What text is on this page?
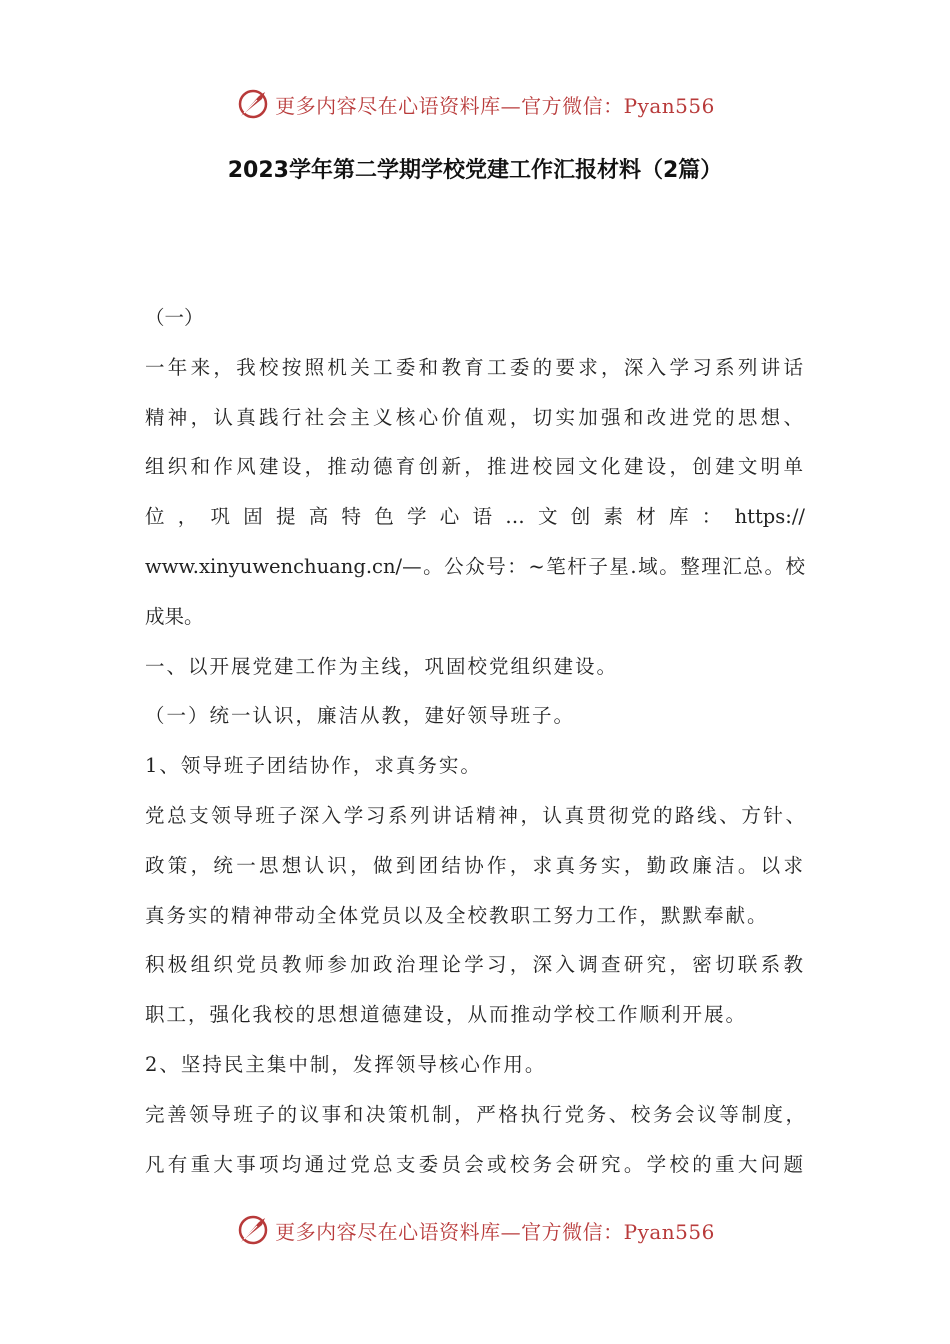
更多内容尽在心语资料库—官方微信：Pyan556
2023学年第二学期学校党建工作汇报材料（2篇）
（一）
一年来，我校按照机关工委和教育工委的要求，深入学习系列讲话
精神，认真践行社会主义核心价值观，切实加强和改进党的思想、
组织和作风建设，推动德育创新，推进校园文化建设，创建文明单
位，巩固提高特色学心语…文创素材库：https://
www.xinyuwenchuang.cn/—。公众号：~笔杆子星.域。整理汇总。校
成果。
一、以开展党建工作为主线，巩固校党组织建设。
（一）统一认识，廉洁从教，建好领导班子。
1、领导班子团结协作，求真务实。
党总支领导班子深入学习系列讲话精神，认真贯彻党的路线、方针、
政策，统一思想认识，做到团结协作，求真务实，勤政廉洁。以求
真务实的精神带动全体党员以及全校教职工努力工作，默默奉献。
积极组织党员教师参加政治理论学习，深入调查研究，密切联系教
职工，强化我校的思想道德建设，从而推动学校工作顺利开展。
2、坚持民主集中制，发挥领导核心作用。
完善领导班子的议事和决策机制，严格执行党务、校务会议等制度，
凡有重大事项均通过党总支委员会或校务会研究。学校的重大问题
更多内容尽在心语资料库—官方微信：Pyan556
